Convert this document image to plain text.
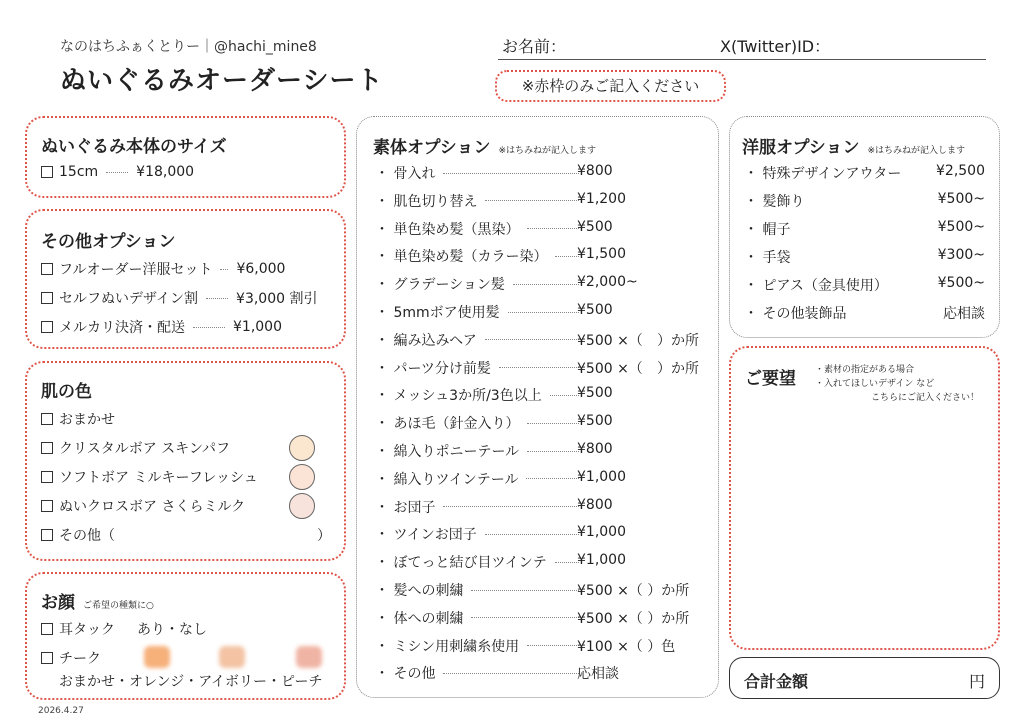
なのはちふぁくとりー｜@hachi_mine8
ぬいぐるみオーダーシート
お名前：	X(Twitter)ID：
※赤枠のみご記入ください
ぬいぐるみ本体のサイズ
15cm	¥18,000
その他オプション
フルオーダー洋服セット ¥6,000
セルフぬいデザイン割	¥3,000 割引
メルカリ決済・配送	¥1,000
肌の色
おまかせ
クリスタルボア スキンパフ
ソフトボア ミルキーフレッシュ
ぬいクロスボア さくらミルク
その他（	）
お顔 ご希望の種類に○
耳タック あり・なし
チーク
おまかせ・オレンジ・アイボリー・ピーチ
素体オプション ※はちみねが記入します
・ 骨入れ	¥800
・ 肌色切り替え	¥1,200
・ 単色染め髪（黒染）	¥500
・ 単色染め髪（カラー染） ¥1,500
・ グラデーション髪	¥2,000~
・ 5mmボア使用髪	¥500
・ 編み込みヘア	¥500 ×（ ）か所
・ パーツ分け前髪	¥500 ×（ ）か所
・ メッシュ3か所/3色以上	¥500
・ あほ毛（針金入り）	¥500
・ 綿入りポニーテール	¥800
・ 綿入りツインテール	¥1,000
・ お団子	¥800
・ ツインお団子	¥1,000
・ ぼてっと結び目ツインテ ¥1,000
・ 髪への刺繍	¥500 ×（ ）か所
・ 体への刺繍	¥500 ×（ ）か所
・ ミシン用刺繍糸使用	¥100 ×（ ）色
・ その他	応相談
洋服オプション ※はちみねが記入します
・ 特殊デザインアウター ¥2,500
・ 髪飾り	¥500~
・ 帽子	¥500~
・ 手袋	¥300~
・ ピアス（金具使用）	¥500~
・ その他装飾品	応相談
ご要望 ・素材の指定がある場合
・入れてほしいデザイン など
こちらにご記入ください！
合計金額	円
2026.4.27
